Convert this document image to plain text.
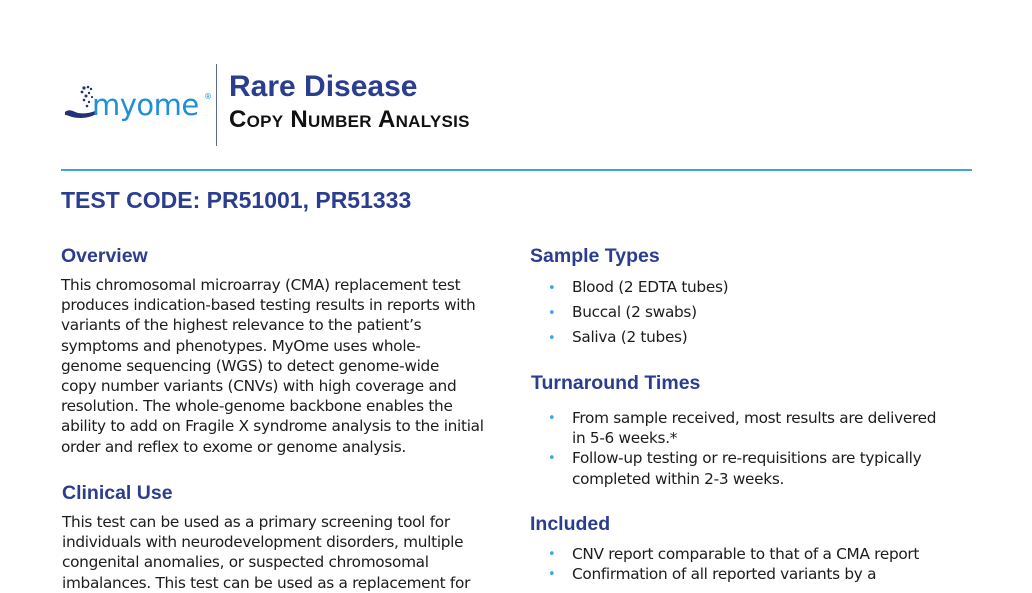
myome ® Rare Disease
Copy Number Analysis
TEST CODE: PR51001, PR51333
Overview
This chromosomal microarray (CMA) replacement test
produces indication-based testing results in reports with
variants of the highest relevance to the patient’s
symptoms and phenotypes. MyOme uses whole-
genome sequencing (WGS) to detect genome-wide
copy number variants (CNVs) with high coverage and
resolution. The whole-genome backbone enables the
ability to add on Fragile X syndrome analysis to the initial
order and reflex to exome or genome analysis.
Clinical Use
This test can be used as a primary screening tool for
individuals with neurodevelopment disorders, multiple
congenital anomalies, or suspected chromosomal
imbalances. This test can be used as a replacement for
Sample Types
• Blood (2 EDTA tubes)
• Buccal (2 swabs)
• Saliva (2 tubes)
Turnaround Times
• From sample received, most results are delivered
in 5-6 weeks.*
• Follow-up testing or re-requisitions are typically
completed within 2-3 weeks.
Included
• CNV report comparable to that of a CMA report
• Confirmation of all reported variants by a
